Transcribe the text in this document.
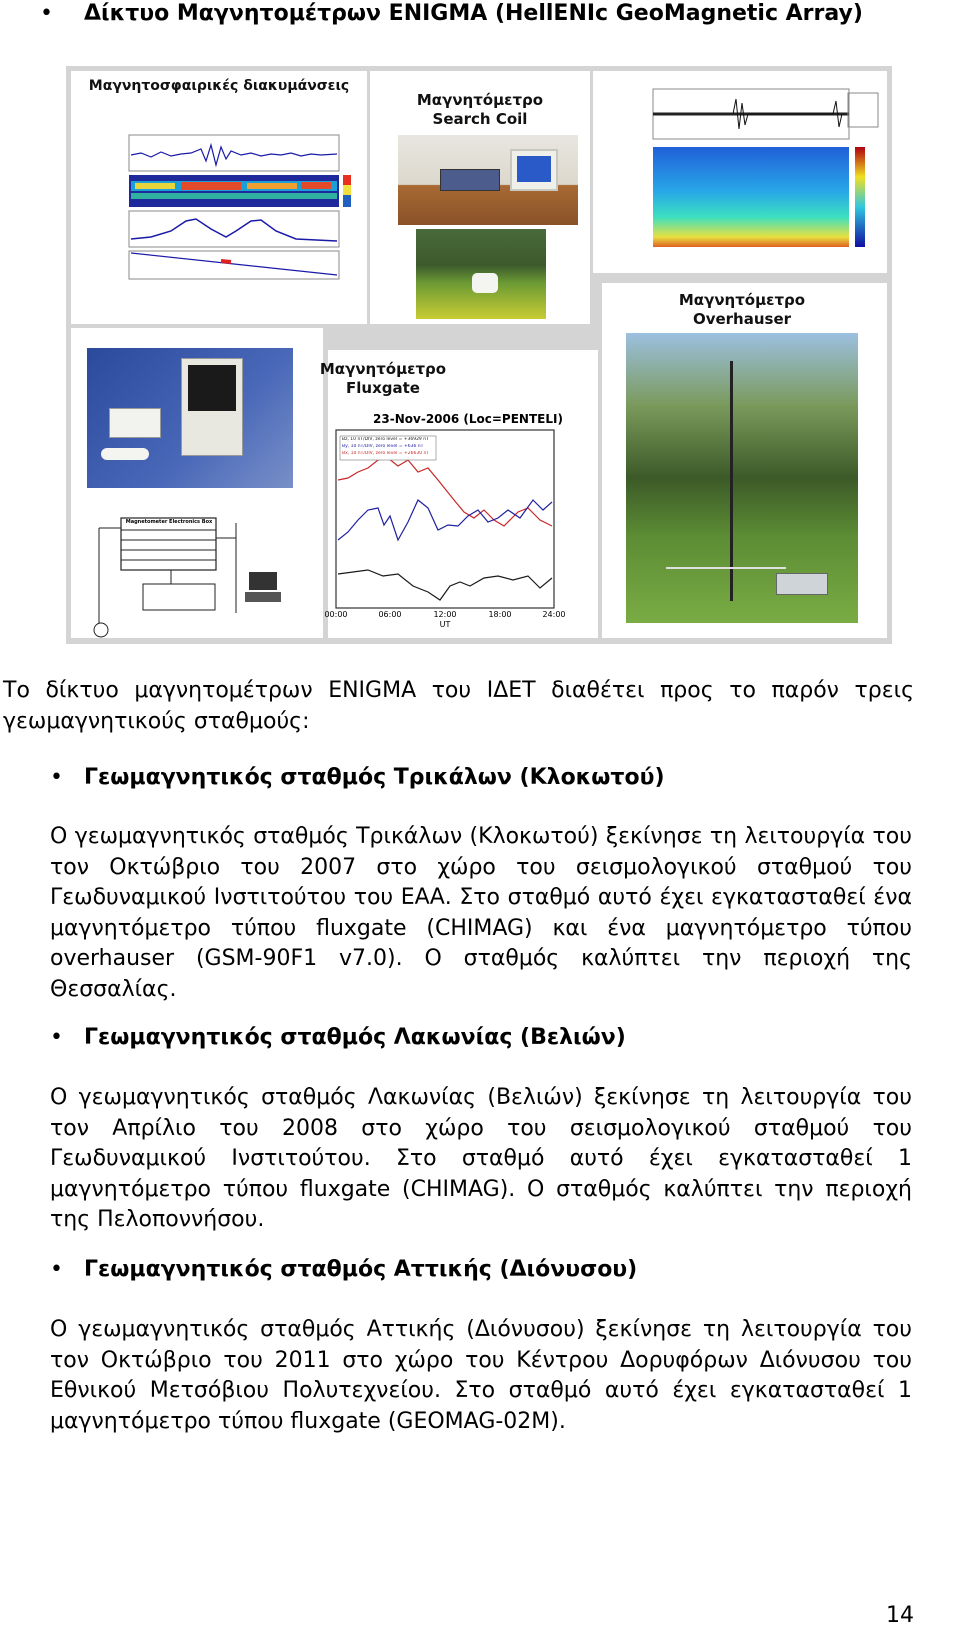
• Δίκτυο Μαγνητομέτρων ENIGMA (HellENIc GeoMagnetic Array)
Μαγνητοσφαιρικές διακυμάνσεις
Μαγνητόμετρο
Search Coil
Magnetometer Electronics Box
Μαγνητόμετρο
Fluxgate
23-Nov-2006 (Loc=PENTELI)
Bz, 10 nT/DIV, zero level = +36929 nT
By, 10 nT/DIV, zero level = +636 nT
Bx, 10 nT/DIV, zero level = +26630 nT
00:00	06:00	12:00	18:00	24:00
UT
Μαγνητόμετρο
Overhauser
Το δίκτυο μαγνητομέτρων ENIGMA του ΙΔΕΤ διαθέτει προς το παρόν τρεις γεωμαγνητικούς σταθμούς:
• Γεωμαγνητικός σταθμός Τρικάλων (Κλοκωτού)
Ο γεωμαγνητικός σταθμός Τρικάλων (Κλοκωτού) ξεκίνησε τη λειτουργία του τον Οκτώβριο του 2007 στο χώρο του σεισμολογικού σταθμού του Γεωδυναμικού Ινστιτούτου του ΕΑΑ. Στο σταθμό αυτό έχει εγκατασταθεί ένα μαγνητόμετρο τύπου fluxgate (CHIMAG) και ένα μαγνητόμετρο τύπου overhauser (GSM-90F1 v7.0). Ο σταθμός καλύπτει την περιοχή της Θεσσαλίας.
• Γεωμαγνητικός σταθμός Λακωνίας (Βελιών)
Ο γεωμαγνητικός σταθμός Λακωνίας (Βελιών) ξεκίνησε τη λειτουργία του τον Απρίλιο του 2008 στο χώρο του σεισμολογικού σταθμού του Γεωδυναμικού Ινστιτούτου. Στο σταθμό αυτό έχει εγκατασταθεί 1 μαγνητόμετρο τύπου fluxgate (CHIMAG). Ο σταθμός καλύπτει την περιοχή της Πελοποννήσου.
• Γεωμαγνητικός σταθμός Αττικής (Διόνυσου)
Ο γεωμαγνητικός σταθμός Αττικής (Διόνυσου) ξεκίνησε τη λειτουργία του τον Οκτώβριο του 2011 στο χώρο του Κέντρου Δορυφόρων Διόνυσου του Εθνικού Μετσόβιου Πολυτεχνείου. Στο σταθμό αυτό έχει εγκατασταθεί 1 μαγνητόμετρο τύπου fluxgate (GEOMAG-02M).
14
